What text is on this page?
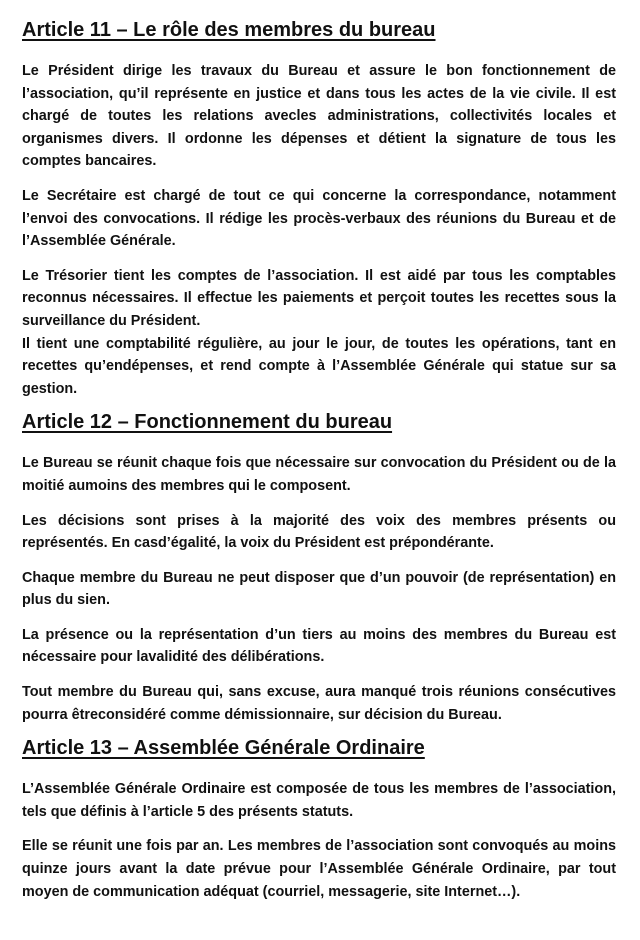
Article 11 – Le rôle des membres du bureau

Le Président dirige les travaux du Bureau et assure le bon fonctionnement de l’association, qu’il représente en justice et dans tous les actes de la vie civile. Il est chargé de toutes les relations avecles administrations, collectivités locales et organismes divers. Il ordonne les dépenses et détient la signature de tous les comptes bancaires.

Le Secrétaire est chargé de tout ce qui concerne la correspondance, notamment l’envoi des convocations. Il rédige les procès-verbaux des réunions du Bureau et de l’Assemblée Générale.

Le Trésorier tient les comptes de l’association. Il est aidé par tous les comptables reconnus nécessaires. Il effectue les paiements et perçoit toutes les recettes sous la surveillance du Président.

Il tient une comptabilité régulière, au jour le jour, de toutes les opérations, tant en recettes qu’endépenses, et rend compte à l’Assemblée Générale qui statue sur sa gestion.

Article 12 – Fonctionnement du bureau

Le Bureau se réunit chaque fois que nécessaire sur convocation du Président ou de la moitié aumoins des membres qui le composent.

Les décisions sont prises à la majorité des voix des membres présents ou représentés. En casd’égalité, la voix du Président est prépondérante.

Chaque membre du Bureau ne peut disposer que d’un pouvoir (de représentation) en plus du sien.

La présence ou la représentation d’un tiers au moins des membres du Bureau est nécessaire pour lavalidité des délibérations.

Tout membre du Bureau qui, sans excuse, aura manqué trois réunions consécutives pourra êtreconsidéré comme démissionnaire, sur décision du Bureau.

Article 13 – Assemblée Générale Ordinaire

L’Assemblée Générale Ordinaire est composée de tous les membres de l’association, tels que définis à l’article 5 des présents statuts.

Elle se réunit une fois par an. Les membres de l’association sont convoqués au moins quinze jours avant la date prévue pour l’Assemblée Générale Ordinaire, par tout moyen de communication adéquat (courriel, messagerie, site Internet…).
